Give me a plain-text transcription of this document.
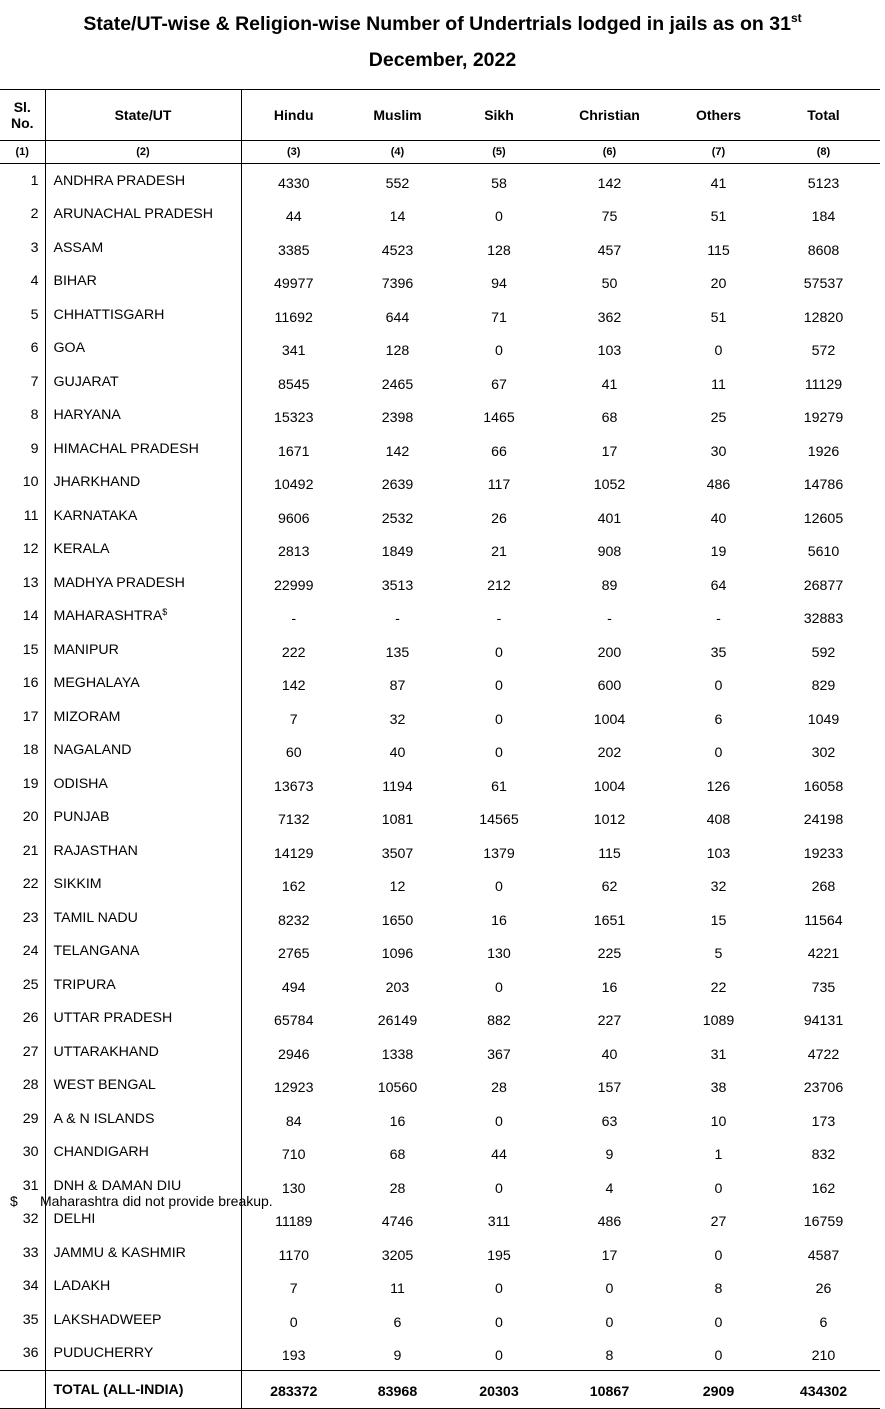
State/UT-wise & Religion-wise Number of Undertrials lodged in jails as on 31st
December, 2022
Sl.
No.	State/UT	Hindu	Muslim	Sikh	Christian	Others	Total
(1)	(2)	(3)	(4)	(5)	(6)	(7)	(8)
1	ANDHRA PRADESH	4330	552	58	142	41	5123
2	ARUNACHAL PRADESH	44	14	0	75	51	184
3	ASSAM	3385	4523	128	457	115	8608
4	BIHAR	49977	7396	94	50	20	57537
5	CHHATTISGARH	11692	644	71	362	51	12820
6	GOA	341	128	0	103	0	572
7	GUJARAT	8545	2465	67	41	11	11129
8	HARYANA	15323	2398	1465	68	25	19279
9	HIMACHAL PRADESH	1671	142	66	17	30	1926
10	JHARKHAND	10492	2639	117	1052	486	14786
11	KARNATAKA	9606	2532	26	401	40	12605
12	KERALA	2813	1849	21	908	19	5610
13	MADHYA PRADESH	22999	3513	212	89	64	26877
14	MAHARASHTRA$	-	-	-	-	-	32883
15	MANIPUR	222	135	0	200	35	592
16	MEGHALAYA	142	87	0	600	0	829
17	MIZORAM	7	32	0	1004	6	1049
18	NAGALAND	60	40	0	202	0	302
19	ODISHA	13673	1194	61	1004	126	16058
20	PUNJAB	7132	1081	14565	1012	408	24198
21	RAJASTHAN	14129	3507	1379	115	103	19233
22	SIKKIM	162	12	0	62	32	268
23	TAMIL NADU	8232	1650	16	1651	15	11564
24	TELANGANA	2765	1096	130	225	5	4221
25	TRIPURA	494	203	0	16	22	735
26	UTTAR PRADESH	65784	26149	882	227	1089	94131
27	UTTARAKHAND	2946	1338	367	40	31	4722
28	WEST BENGAL	12923	10560	28	157	38	23706
29	A & N ISLANDS	84	16	0	63	10	173
30	CHANDIGARH	710	68	44	9	1	832
31	DNH & DAMAN DIU	130	28	0	4	0	162
32	DELHI	11189	4746	311	486	27	16759
33	JAMMU & KASHMIR	1170	3205	195	17	0	4587
34	LADAKH	7	11	0	0	8	26
35	LAKSHADWEEP	0	6	0	0	0	6
36	PUDUCHERRY	193	9	0	8	0	210
	TOTAL (ALL-INDIA)	283372	83968	20303	10867	2909	434302
$ Maharashtra did not provide breakup.
